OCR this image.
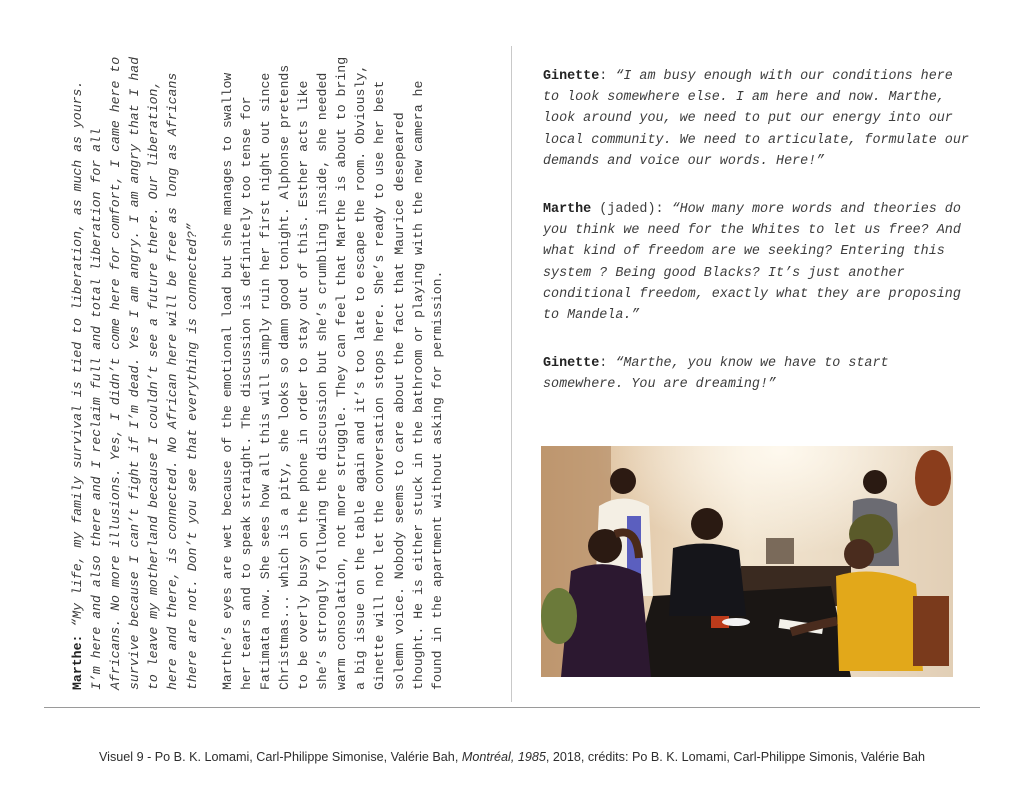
Marthe: “My life, my family survival is tied to liberation, as much as yours. I’m here and also there and I reclaim full and total liberation for all Africans. No more illusions. Yes, I didn’t come here for comfort, I came here to survive because I can’t fight if I’m dead. Yes I am angry. I am angry that I had to leave my motherland because I couldn’t see a future there. Our liberation, here and there, is connected. No African here will be free as long as Africans there are not. Don’t you see that everything is connected?” Marthe’s eyes are wet because of the emotional load but she manages to swallow her tears and to speak straight. The discussion is definitely too tense for Fatimata now. She sees how all this will simply ruin her first night out since Christmas... which is a pity, she looks so damn good tonight. Alphonse pretends to be overly busy on the phone in order to stay out of this. Esther acts like she’s strongly following the discussion but she’s crumbling inside, she needed warm consolation, not more struggle. They can feel that Marthe is about to bring a big issue on the table again and it’s too late to escape the room. Obviously, Ginette will not let the conversation stops here. She’s ready to use her best solemn voice. Nobody seems to care about the fact that Maurice desepeared thought. He is either stuck in the bathroom or playing with the new camera he found in the apartment without asking for permission.

Ginette: “I am busy enough with our conditions here to look somewhere else. I am here and now. Marthe, look around you, we need to put our energy into our local community. We need to articulate, formulate our demands and voice our words. Here!”

Marthe (jaded): “How many more words and theories do you think we need for the Whites to let us free? And what kind of freedom are we seeking? Entering this system ? Being good Blacks? It’s just another conditional freedom, exactly what they are proposing to Mandela.”

Ginette: “Marthe, you know we have to start somewhere. You are dreaming!”

Visuel 9 - Po B. K. Lomami, Carl-Philippe Simonise, Valérie Bah, Montréal, 1985, 2018, crédits: Po B. K. Lomami, Carl-Philippe Simonis, Valérie Bah
